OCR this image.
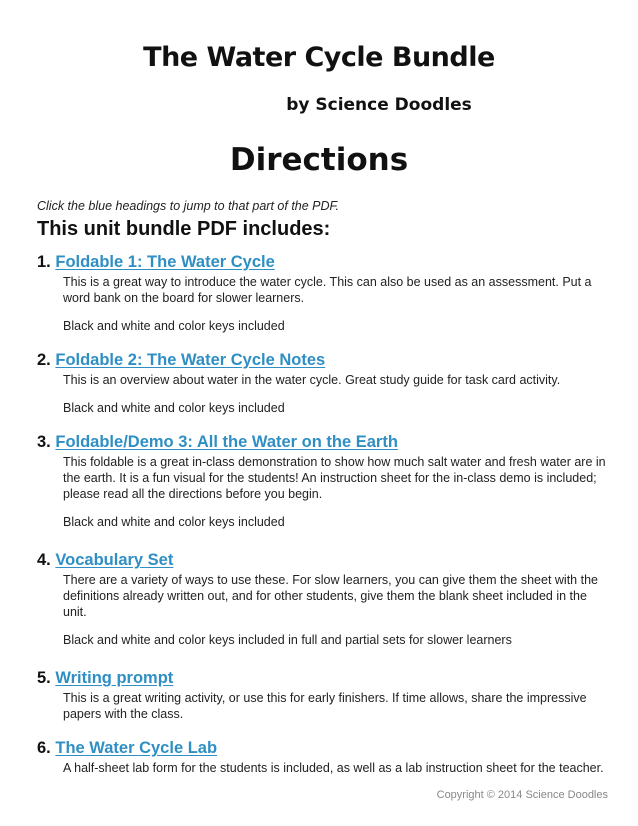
The Water Cycle Bundle
by Science Doodles
Directions
Click the blue headings to jump to that part of the PDF.
This unit bundle PDF includes:
1. Foldable 1: The Water Cycle
This is a great way to introduce the water cycle. This can also be used as an assessment. Put a word bank on the board for slower learners.
Black and white and color keys included
2. Foldable 2: The Water Cycle Notes
This is an overview about water in the water cycle. Great study guide for task card activity.
Black and white and color keys included
3. Foldable/Demo 3: All the Water on the Earth
This foldable is a great in-class demonstration to show how much salt water and fresh water are in the earth. It is a fun visual for the students! An instruction sheet for the in-class demo is included; please read all the directions before you begin.
Black and white and color keys included
4. Vocabulary Set
There are a variety of ways to use these. For slow learners, you can give them the sheet with the definitions already written out, and for other students, give them the blank sheet included in the unit.
Black and white and color keys included in full and partial sets for slower learners
5. Writing prompt
This is a great writing activity, or use this for early finishers. If time allows, share the impressive papers with the class.
6. The Water Cycle Lab
A half-sheet lab form for the students is included, as well as a lab instruction sheet for the teacher.
Copyright © 2014 Science Doodles
